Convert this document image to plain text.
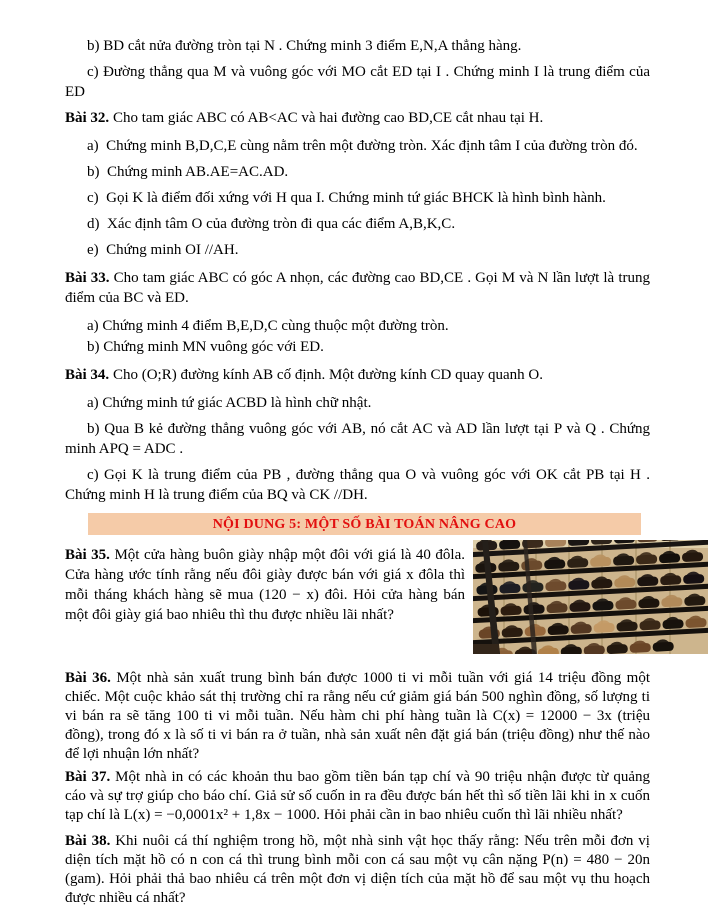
b) BD cắt nửa đường tròn tại N . Chứng minh 3 điểm E,N,A thẳng hàng.

c) Đường thẳng qua M và vuông góc với MO cắt ED tại I . Chứng minh I là trung điểm của ED

Bài 32. Cho tam giác ABC có AB<AC và hai đường cao BD,CE cắt nhau tại H.

a)  Chứng minh B,D,C,E cùng nằm trên một đường tròn. Xác định tâm I của đường tròn đó.

b)  Chứng minh AB.AE=AC.AD.

c)  Gọi K là điểm đối xứng với H qua I. Chứng minh tứ giác BHCK là hình bình hành.

d)  Xác định tâm O của đường tròn đi qua các điểm A,B,K,C.

e)  Chứng minh OI //AH.

Bài 33. Cho tam giác ABC có góc A nhọn, các đường cao BD,CE . Gọi M và N lần lượt là trung điểm của BC và ED.

a) Chứng minh 4 điểm B,E,D,C cùng thuộc một đường tròn.

b) Chứng minh MN vuông góc với ED.

Bài 34. Cho (O;R) đường kính AB cố định. Một đường kính CD quay quanh O.

a) Chứng minh tứ giác ACBD là hình chữ nhật.

b) Qua B kẻ đường thẳng vuông góc với AB, nó cắt AC và AD lần lượt tại P và Q . Chứng minh APQ = ADC .

c) Gọi K là trung điểm của PB , đường thẳng qua O và vuông góc với OK cắt PB tại H . Chứng minh H là trung điểm của BQ và CK //DH.

NỘI DUNG 5: MỘT SỐ BÀI TOÁN NÂNG CAO

Bài 35. Một cửa hàng buôn giày nhập một đôi với giá là 40 đôla. Cửa hàng ước tính rằng nếu đôi giày được bán với giá x đôla thì mỗi tháng khách hàng sẽ mua (120 − x) đôi. Hỏi cửa hàng bán một đôi giày giá bao nhiêu thì thu được nhiều lãi nhất?

Bài 36. Một nhà sản xuất trung bình bán được 1000 ti vi mỗi tuần với giá 14 triệu đồng một chiếc. Một cuộc khảo sát thị trường chỉ ra rằng nếu cứ giảm giá bán 500 nghìn đồng, số lượng ti vi bán ra sẽ tăng 100 ti vi mỗi tuần. Nếu hàm chi phí hàng tuần là C(x) = 12000 − 3x (triệu đồng), trong đó x là số ti vi bán ra ở tuần, nhà sản xuất nên đặt giá bán (triệu đồng) như thế nào để lợi nhuận lớn nhất?

Bài 37. Một nhà in có các khoản thu bao gồm tiền bán tạp chí và 90 triệu nhận được từ quảng cáo và sự trợ giúp cho báo chí. Giả sử số cuốn in ra đều được bán hết thì số tiền lãi khi in x cuốn tạp chí là L(x) = −0,0001x² + 1,8x − 1000. Hỏi phải cần in bao nhiêu cuốn thì lãi nhiều nhất?

Bài 38. Khi nuôi cá thí nghiệm trong hồ, một nhà sinh vật học thấy rằng: Nếu trên mỗi đơn vị diện tích mặt hồ có n con cá thì trung bình mỗi con cá sau một vụ cân nặng P(n) = 480 − 20n (gam). Hỏi phải thả bao nhiêu cá trên một đơn vị diện tích của mặt hồ để sau một vụ thu hoạch được nhiều cá nhất?
